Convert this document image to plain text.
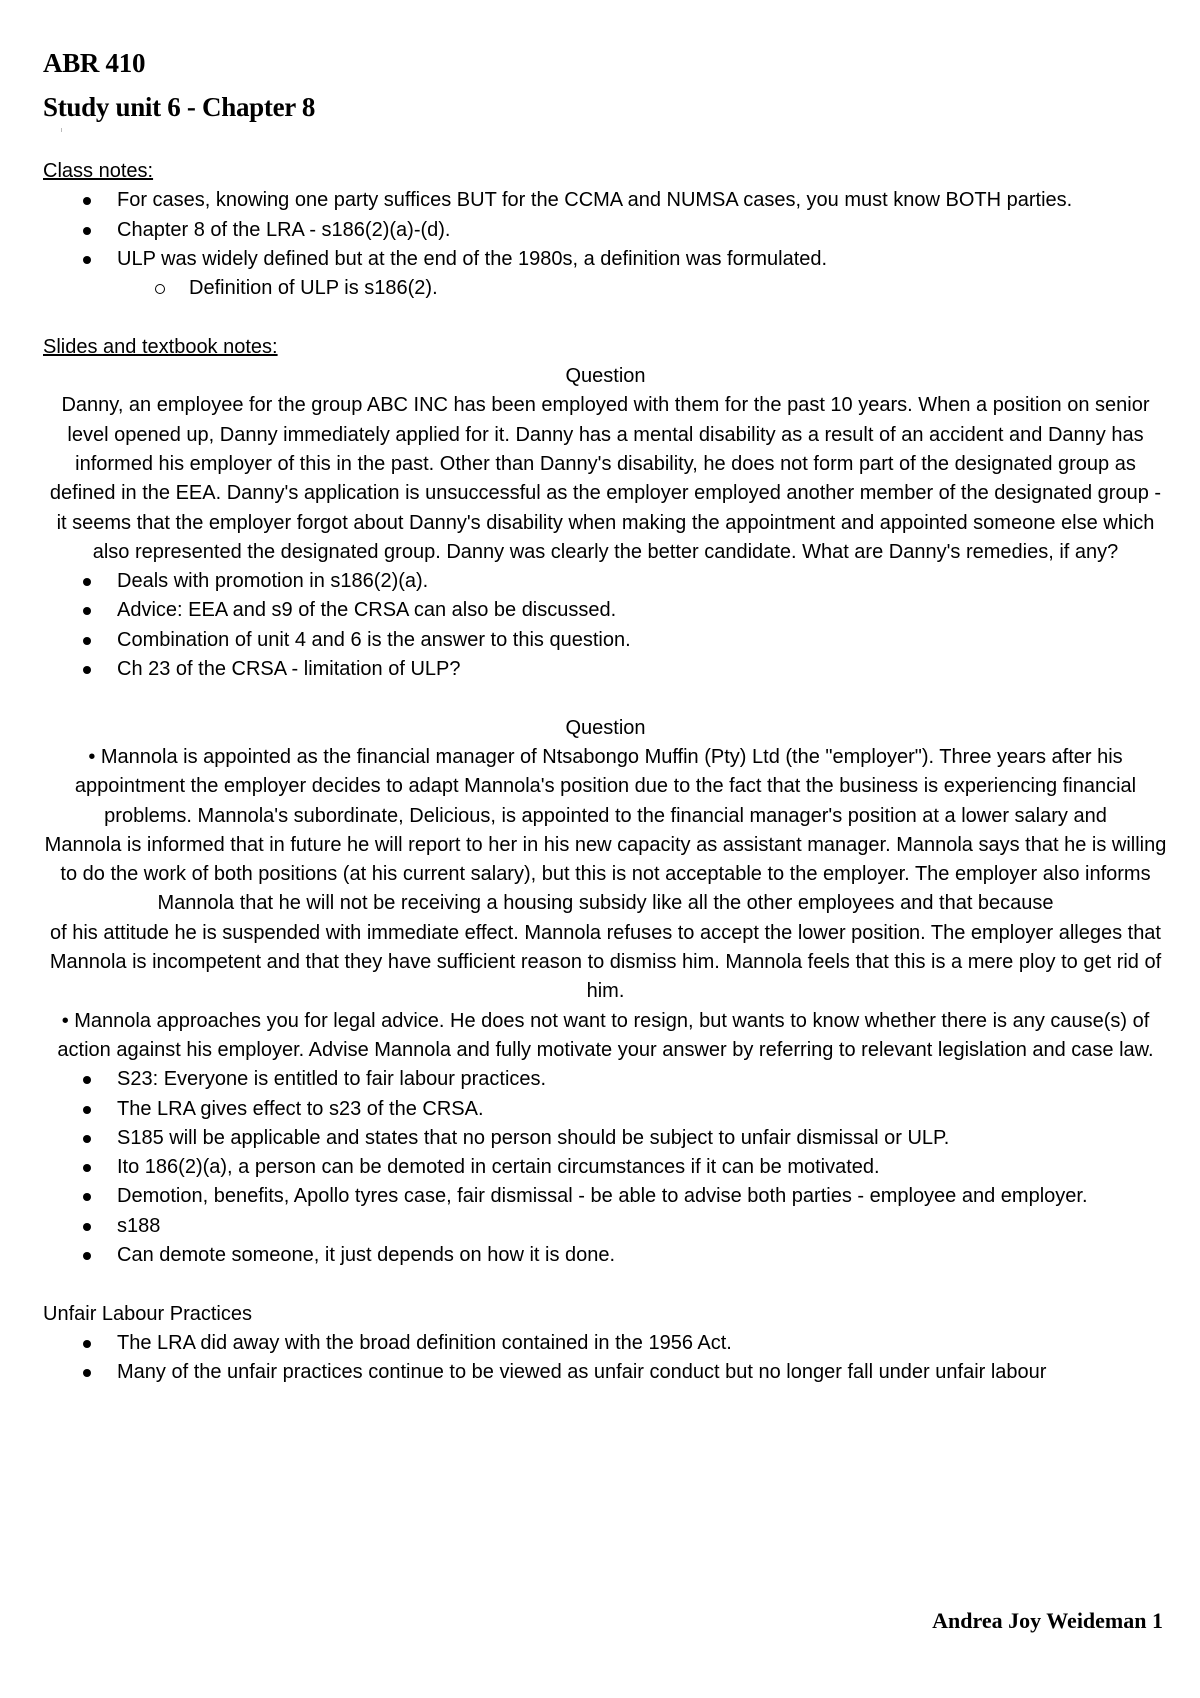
ABR 410
Study unit 6 - Chapter 8

Class notes:

For cases, knowing one party suffices BUT for the CCMA and NUMSA cases, you must know BOTH parties.
Chapter 8 of the LRA - s186(2)(a)-(d).
ULP was widely defined but at the end of the 1980s, a definition was formulated.
Definition of ULP is s186(2).

Slides and textbook notes:

Question

Danny, an employee for the group ABC INC has been employed with them for the past 10 years. When a position on senior level opened up, Danny immediately applied for it. Danny has a mental disability as a result of an accident and Danny has informed his employer of this in the past. Other than Danny's disability, he does not form part of the designated group as defined in the EEA. Danny's application is unsuccessful as the employer employed another member of the designated group - it seems that the employer forgot about Danny's disability when making the appointment and appointed someone else which also represented the designated group. Danny was clearly the better candidate. What are Danny's remedies, if any?

Deals with promotion in s186(2)(a).
Advice: EEA and s9 of the CRSA can also be discussed.
Combination of unit 4 and 6 is the answer to this question.
Ch 23 of the CRSA - limitation of ULP?

Question

• Mannola is appointed as the financial manager of Ntsabongo Muffin (Pty) Ltd (the "employer"). Three years after his appointment the employer decides to adapt Mannola's position due to the fact that the business is experiencing financial problems. Mannola's subordinate, Delicious, is appointed to the financial manager's position at a lower salary and

Mannola is informed that in future he will report to her in his new capacity as assistant manager. Mannola says that he is willing to do the work of both positions (at his current salary), but this is not acceptable to the employer. The employer also informs Mannola that he will not be receiving a housing subsidy like all the other employees and that because

of his attitude he is suspended with immediate effect. Mannola refuses to accept the lower position. The employer alleges that Mannola is incompetent and that they have sufficient reason to dismiss him. Mannola feels that this is a mere ploy to get rid of him.

• Mannola approaches you for legal advice. He does not want to resign, but wants to know whether there is any cause(s) of action against his employer. Advise Mannola and fully motivate your answer by referring to relevant legislation and case law.

S23: Everyone is entitled to fair labour practices.
The LRA gives effect to s23 of the CRSA.
S185 will be applicable and states that no person should be subject to unfair dismissal or ULP.
Ito 186(2)(a), a person can be demoted in certain circumstances if it can be motivated.
Demotion, benefits, Apollo tyres case, fair dismissal - be able to advise both parties - employee and employer.
s188
Can demote someone, it just depends on how it is done.

Unfair Labour Practices

The LRA did away with the broad definition contained in the 1956 Act.
Many of the unfair practices continue to be viewed as unfair conduct but no longer fall under unfair labour
Andrea Joy Weideman 1
